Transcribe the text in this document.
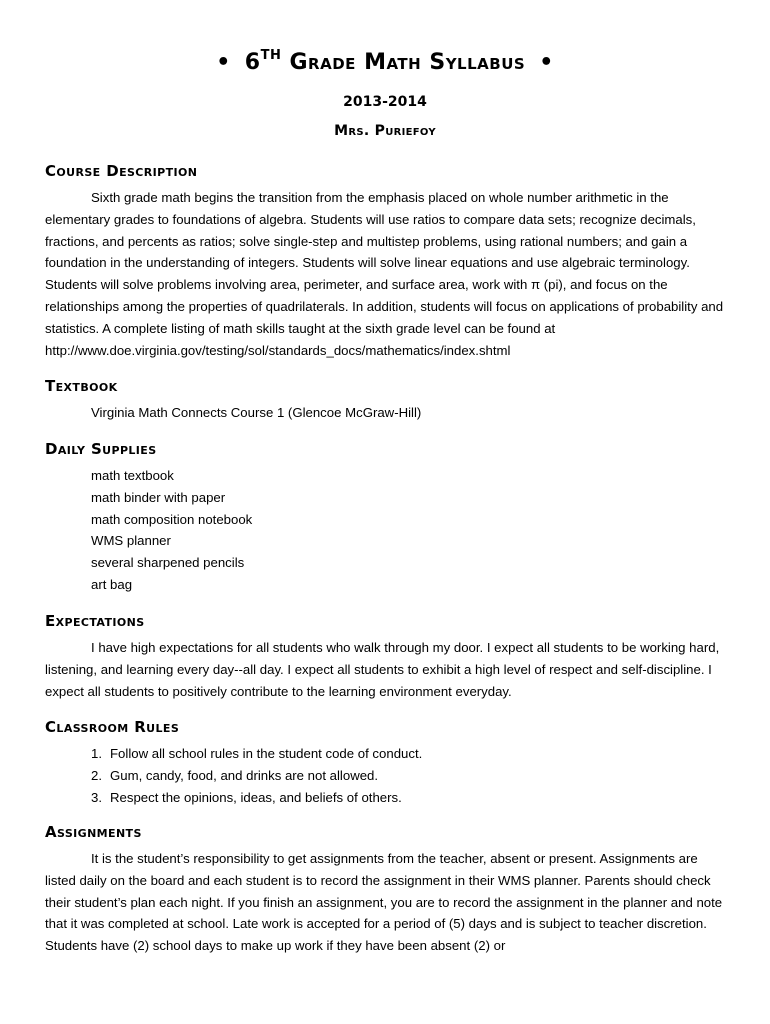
• 6TH Grade Math Syllabus •
2013-2014
Mrs. Puriefoy
Course Description
Sixth grade math begins the transition from the emphasis placed on whole number arithmetic in the elementary grades to foundations of algebra. Students will use ratios to compare data sets; recognize decimals, fractions, and percents as ratios; solve single-step and multistep problems, using rational numbers; and gain a foundation in the understanding of integers. Students will solve linear equations and use algebraic terminology. Students will solve problems involving area, perimeter, and surface area, work with π (pi), and focus on the relationships among the properties of quadrilaterals. In addition, students will focus on applications of probability and statistics. A complete listing of math skills taught at the sixth grade level can be found at http://www.doe.virginia.gov/testing/sol/standards_docs/mathematics/index.shtml
Textbook
Virginia Math Connects Course 1 (Glencoe McGraw-Hill)
Daily Supplies
math textbook
math binder with paper
math composition notebook
WMS planner
several sharpened pencils
art bag
Expectations
I have high expectations for all students who walk through my door. I expect all students to be working hard, listening, and learning every day--all day. I expect all students to exhibit a high level of respect and self-discipline. I expect all students to positively contribute to the learning environment everyday.
Classroom Rules
1. Follow all school rules in the student code of conduct.
2. Gum, candy, food, and drinks are not allowed.
3. Respect the opinions, ideas, and beliefs of others.
Assignments
It is the student’s responsibility to get assignments from the teacher, absent or present. Assignments are listed daily on the board and each student is to record the assignment in their WMS planner. Parents should check their student’s plan each night. If you finish an assignment, you are to record the assignment in the planner and note that it was completed at school. Late work is accepted for a period of (5) days and is subject to teacher discretion. Students have (2) school days to make up work if they have been absent (2) or
